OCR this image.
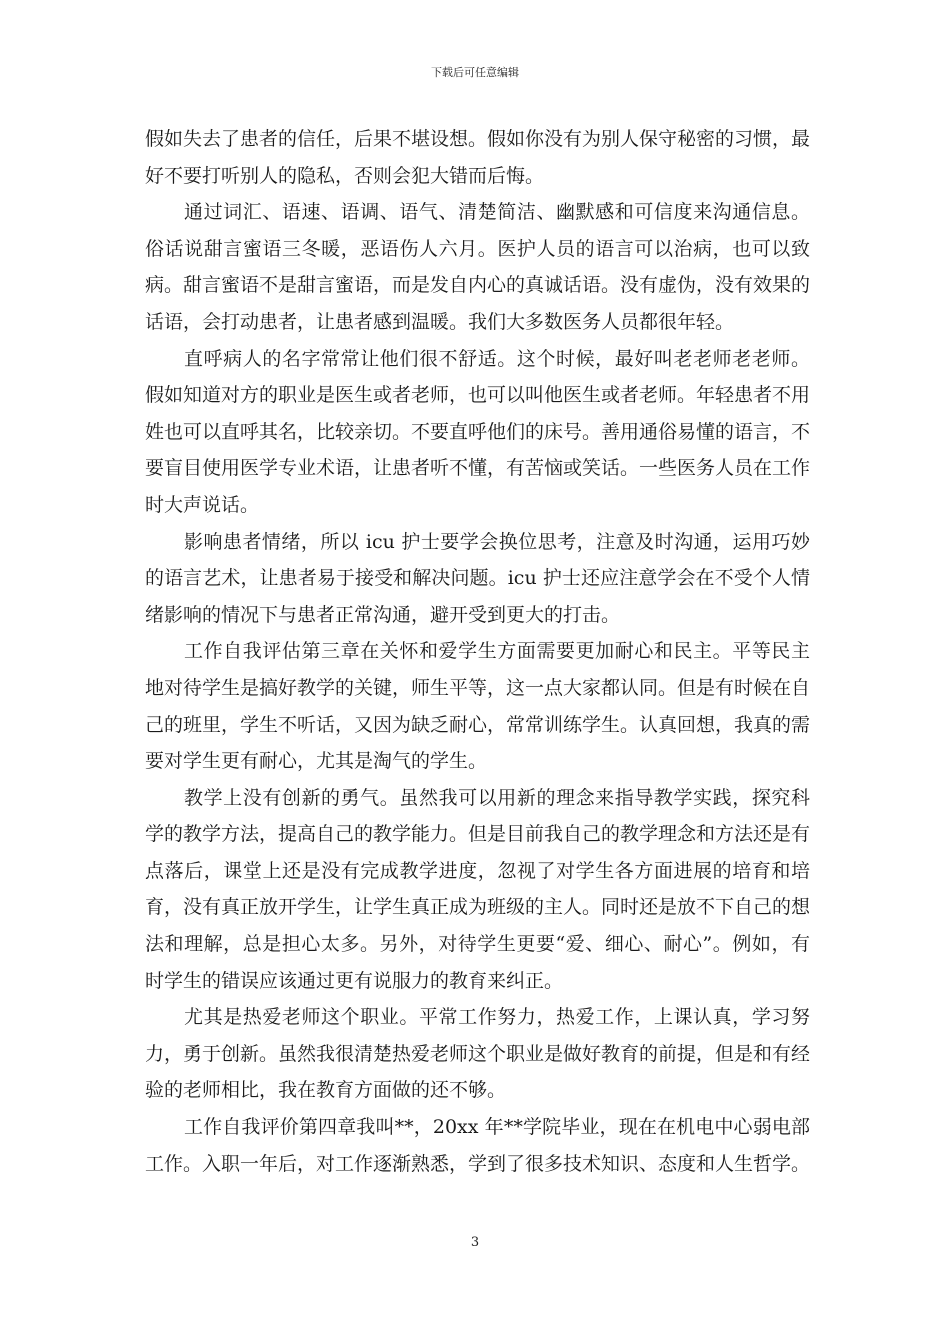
下载后可任意编辑

假如失去了患者的信任，后果不堪设想。假如你没有为别人保守秘密的习惯，最好不要打听别人的隐私，否则会犯大错而后悔。

通过词汇、语速、语调、语气、清楚简洁、幽默感和可信度来沟通信息。俗话说甜言蜜语三冬暖，恶语伤人六月。医护人员的语言可以治病，也可以致病。甜言蜜语不是甜言蜜语，而是发自内心的真诚话语。没有虚伪，没有效果的话语，会打动患者，让患者感到温暖。我们大多数医务人员都很年轻。

直呼病人的名字常常让他们很不舒适。这个时候，最好叫老老师老老师。假如知道对方的职业是医生或者老师，也可以叫他医生或者老师。年轻患者不用姓也可以直呼其名，比较亲切。不要直呼他们的床号。善用通俗易懂的语言，不要盲目使用医学专业术语，让患者听不懂，有苦恼或笑话。一些医务人员在工作时大声说话。

影响患者情绪，所以 icu 护士要学会换位思考，注意及时沟通，运用巧妙的语言艺术，让患者易于接受和解决问题。icu 护士还应注意学会在不受个人情绪影响的情况下与患者正常沟通，避开受到更大的打击。

工作自我评估第三章在关怀和爱学生方面需要更加耐心和民主。平等民主地对待学生是搞好教学的关键，师生平等，这一点大家都认同。但是有时候在自己的班里，学生不听话，又因为缺乏耐心，常常训练学生。认真回想，我真的需要对学生更有耐心，尤其是淘气的学生。

教学上没有创新的勇气。虽然我可以用新的理念来指导教学实践，探究科学的教学方法，提高自己的教学能力。但是目前我自己的教学理念和方法还是有点落后，课堂上还是没有完成教学进度，忽视了对学生各方面进展的培育和培育，没有真正放开学生，让学生真正成为班级的主人。同时还是放不下自己的想法和理解，总是担心太多。另外，对待学生更要“爱、细心、耐心”。例如，有时学生的错误应该通过更有说服力的教育来纠正。

尤其是热爱老师这个职业。平常工作努力，热爱工作，上课认真，学习努力，勇于创新。虽然我很清楚热爱老师这个职业是做好教育的前提，但是和有经验的老师相比，我在教育方面做的还不够。

工作自我评价第四章我叫**，20xx 年**学院毕业，现在在机电中心弱电部工作。入职一年后，对工作逐渐熟悉，学到了很多技术知识、态度和人生哲学。

3
